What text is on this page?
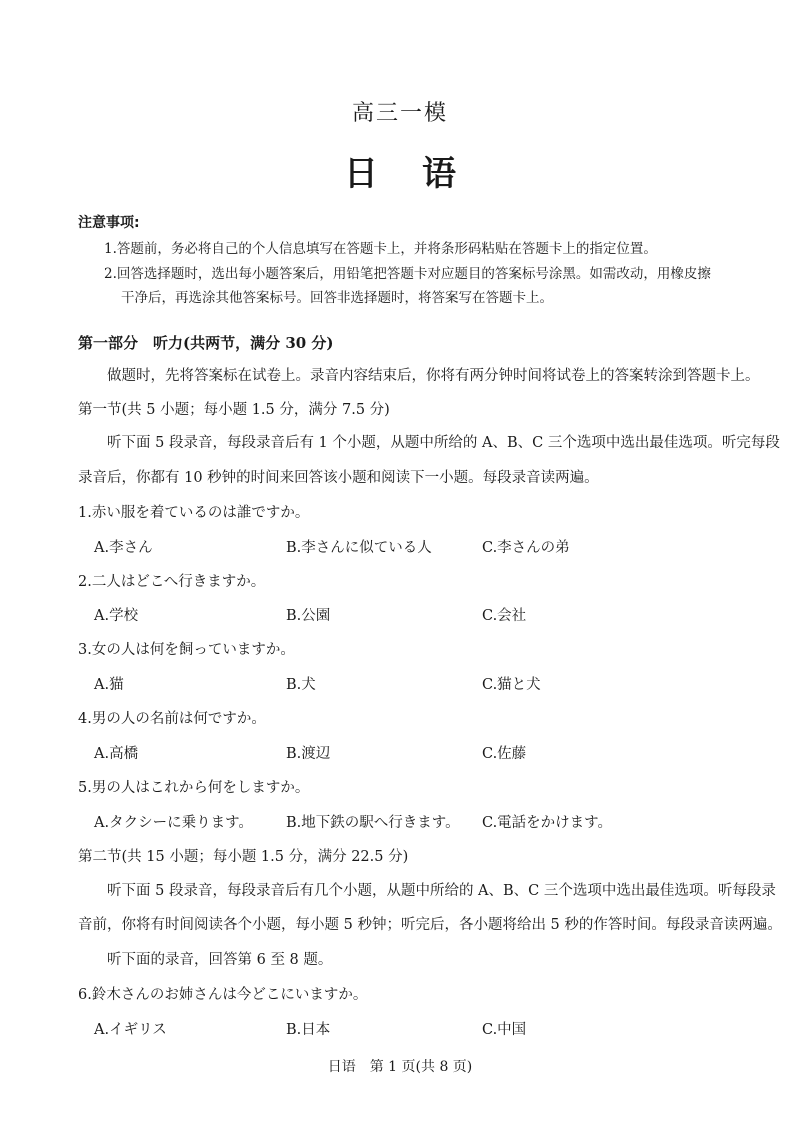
高三一模
日 语
注意事项:
1.答题前，务必将自己的个人信息填写在答题卡上，并将条形码粘贴在答题卡上的指定位置。
2.回答选择题时，选出每小题答案后，用铅笔把答题卡对应题目的答案标号涂黑。如需改动，用橡皮擦
干净后，再选涂其他答案标号。回答非选择题时，将答案写在答题卡上。
第一部分　听力(共两节，满分 30 分)
做题时，先将答案标在试卷上。录音内容结束后，你将有两分钟时间将试卷上的答案转涂到答题卡上。
第一节(共 5 小题；每小题 1.5 分，满分 7.5 分)
听下面 5 段录音，每段录音后有 1 个小题，从题中所给的 A、B、C 三个选项中选出最佳选项。听完每段
录音后，你都有 10 秒钟的时间来回答该小题和阅读下一小题。每段录音读两遍。
1.赤い服を着ているのは誰ですか。
A.李さん	B.李さんに似ている人	C.李さんの弟
2.二人はどこへ行きますか。
A.学校	B.公園	C.会社
3.女の人は何を飼っていますか。
A.猫	B.犬	C.猫と犬
4.男の人の名前は何ですか。
A.高橋	B.渡辺	C.佐藤
5.男の人はこれから何をしますか。
A.タクシーに乗ります。 B.地下鉄の駅へ行きます。 C.電話をかけます。
第二节(共 15 小题；每小题 1.5 分，满分 22.5 分)
听下面 5 段录音，每段录音后有几个小题，从题中所给的 A、B、C 三个选项中选出最佳选项。听每段录
音前，你将有时间阅读各个小题，每小题 5 秒钟；听完后，各小题将给出 5 秒的作答时间。每段录音读两遍。
听下面的录音，回答第 6 至 8 题。
6.鈴木さんのお姉さんは今どこにいますか。
A.イギリス	B.日本	C.中国
日语　第 1 页(共 8 页)
